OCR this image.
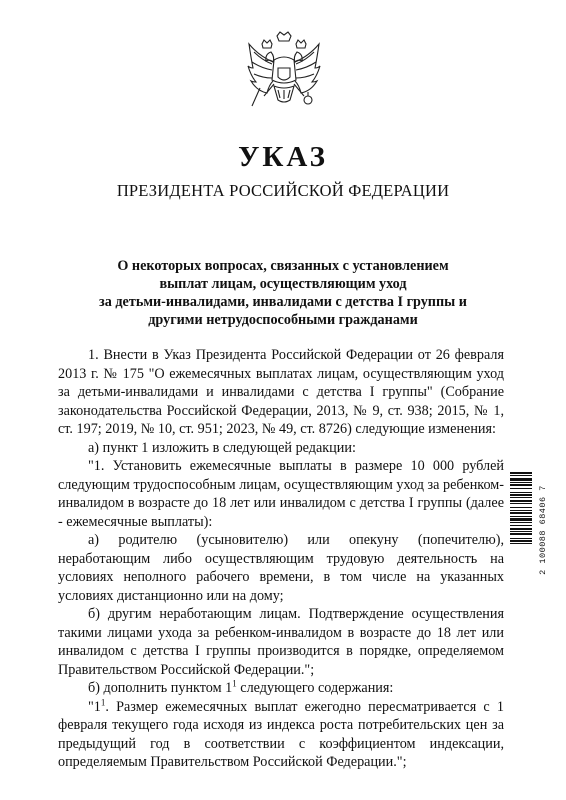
УКАЗ
ПРЕЗИДЕНТА РОССИЙСКОЙ ФЕДЕРАЦИИ
О некоторых вопросах, связанных с установлением
выплат лицам, осуществляющим уход
за детьми-инвалидами, инвалидами с детства I группы и
другими нетрудоспособными гражданами

1. Внести в Указ Президента Российской Федерации от 26 февраля 2013 г. № 175 "О ежемесячных выплатах лицам, осуществляющим уход за детьми-инвалидами и инвалидами с детства I группы" (Собрание законодательства Российской Федерации, 2013, № 9, ст. 938; 2015, № 1, ст. 197; 2019, № 10, ст. 951; 2023, № 49, ст. 8726) следующие изменения:

а) пункт 1 изложить в следующей редакции:

"1. Установить ежемесячные выплаты в размере 10 000 рублей следующим трудоспособным лицам, осуществляющим уход за ребенком-инвалидом в возрасте до 18 лет или инвалидом с детства I группы (далее - ежемесячные выплаты):

а) родителю (усыновителю) или опекуну (попечителю), неработающим либо осуществляющим трудовую деятельность на условиях неполного рабочего времени, в том числе на указанных условиях дистанционно или на дому;

б) другим неработающим лицам. Подтверждение осуществления такими лицами ухода за ребенком-инвалидом в возрасте до 18 лет или инвалидом с детства I группы производится в порядке, определяемом Правительством Российской Федерации.";

б) дополнить пунктом $1^1$ следующего содержания:

"$1^1$. Размер ежемесячных выплат ежегодно пересматривается с 1 февраля текущего года исходя из индекса роста потребительских цен за предыдущий год в соответствии с коэффициентом индексации, определяемым Правительством Российской Федерации.";

2 100088 68406 7
